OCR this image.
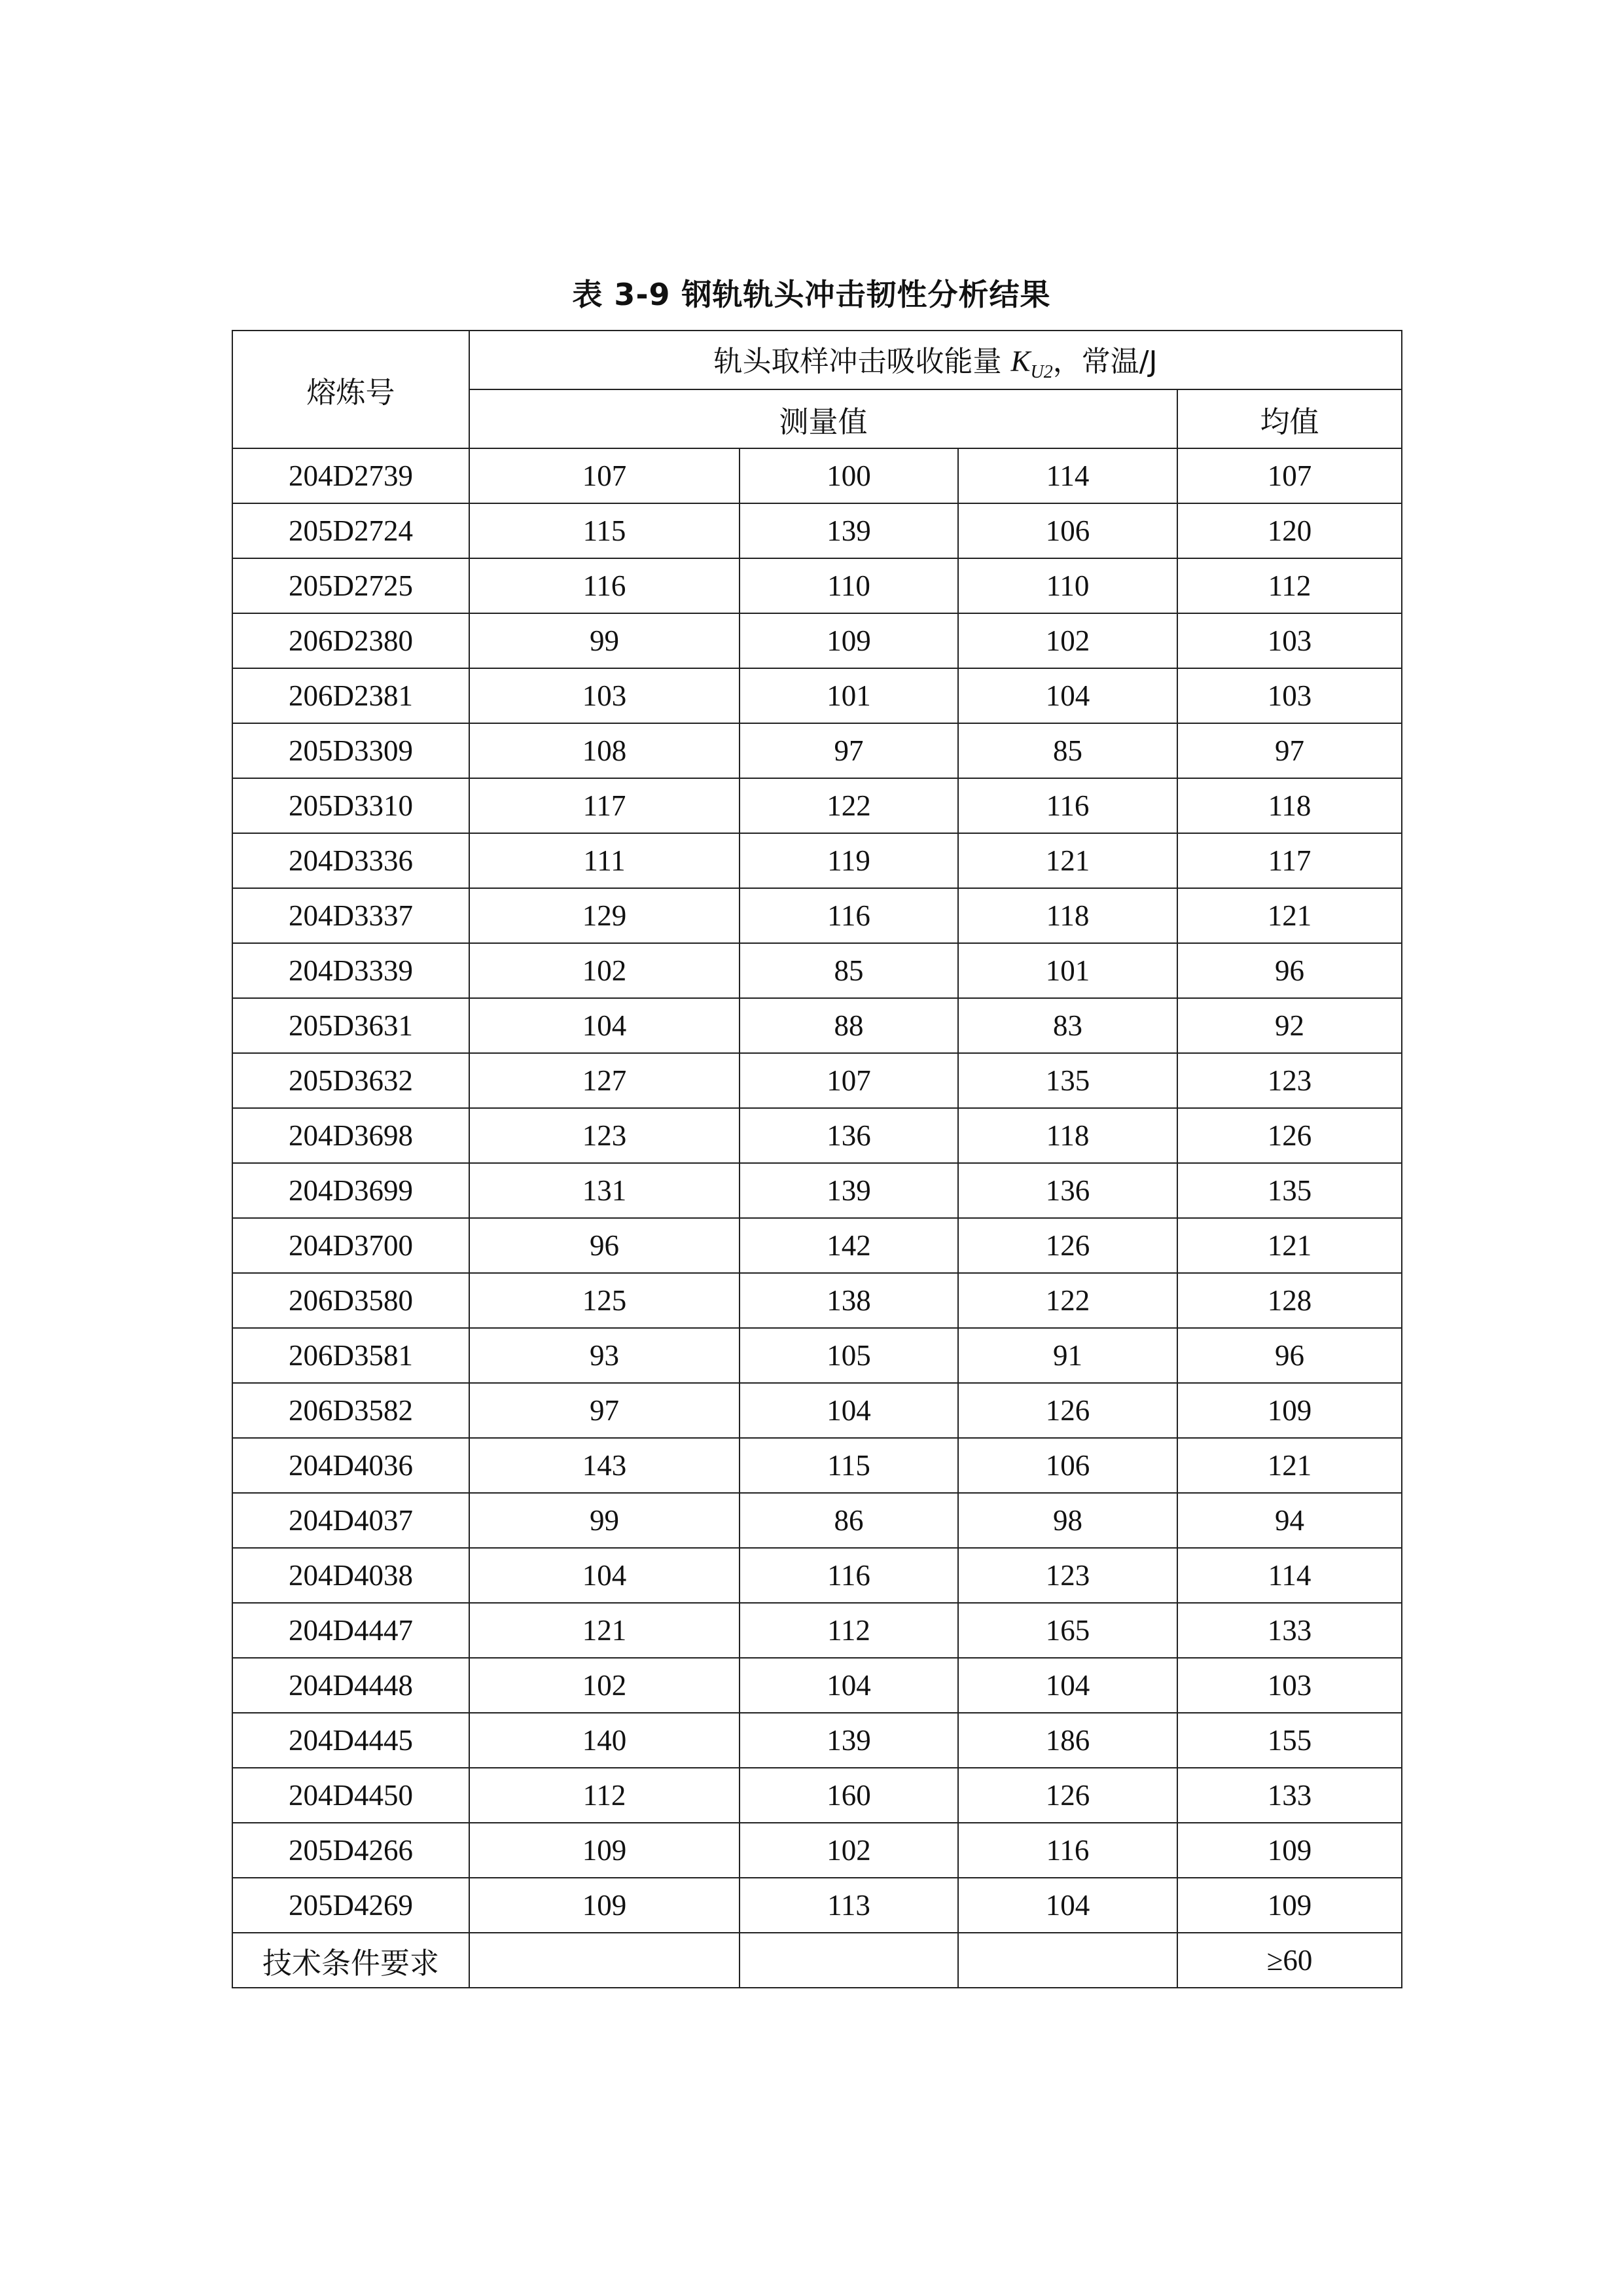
表 3-9 钢轨轨头冲击韧性分析结果
熔炼号	轨头取样冲击吸收能量 $K_{U2}$，常温/J			
	测量值			均值
204D2739	107	100	114	107
205D2724	115	139	106	120
205D2725	116	110	110	112
206D2380	99	109	102	103
206D2381	103	101	104	103
205D3309	108	97	85	97
205D3310	117	122	116	118
204D3336	111	119	121	117
204D3337	129	116	118	121
204D3339	102	85	101	96
205D3631	104	88	83	92
205D3632	127	107	135	123
204D3698	123	136	118	126
204D3699	131	139	136	135
204D3700	96	142	126	121
206D3580	125	138	122	128
206D3581	93	105	91	96
206D3582	97	104	126	109
204D4036	143	115	106	121
204D4037	99	86	98	94
204D4038	104	116	123	114
204D4447	121	112	165	133
204D4448	102	104	104	103
204D4445	140	139	186	155
204D4450	112	160	126	133
205D4266	109	102	116	109
205D4269	109	113	104	109
技术条件要求				≥60
